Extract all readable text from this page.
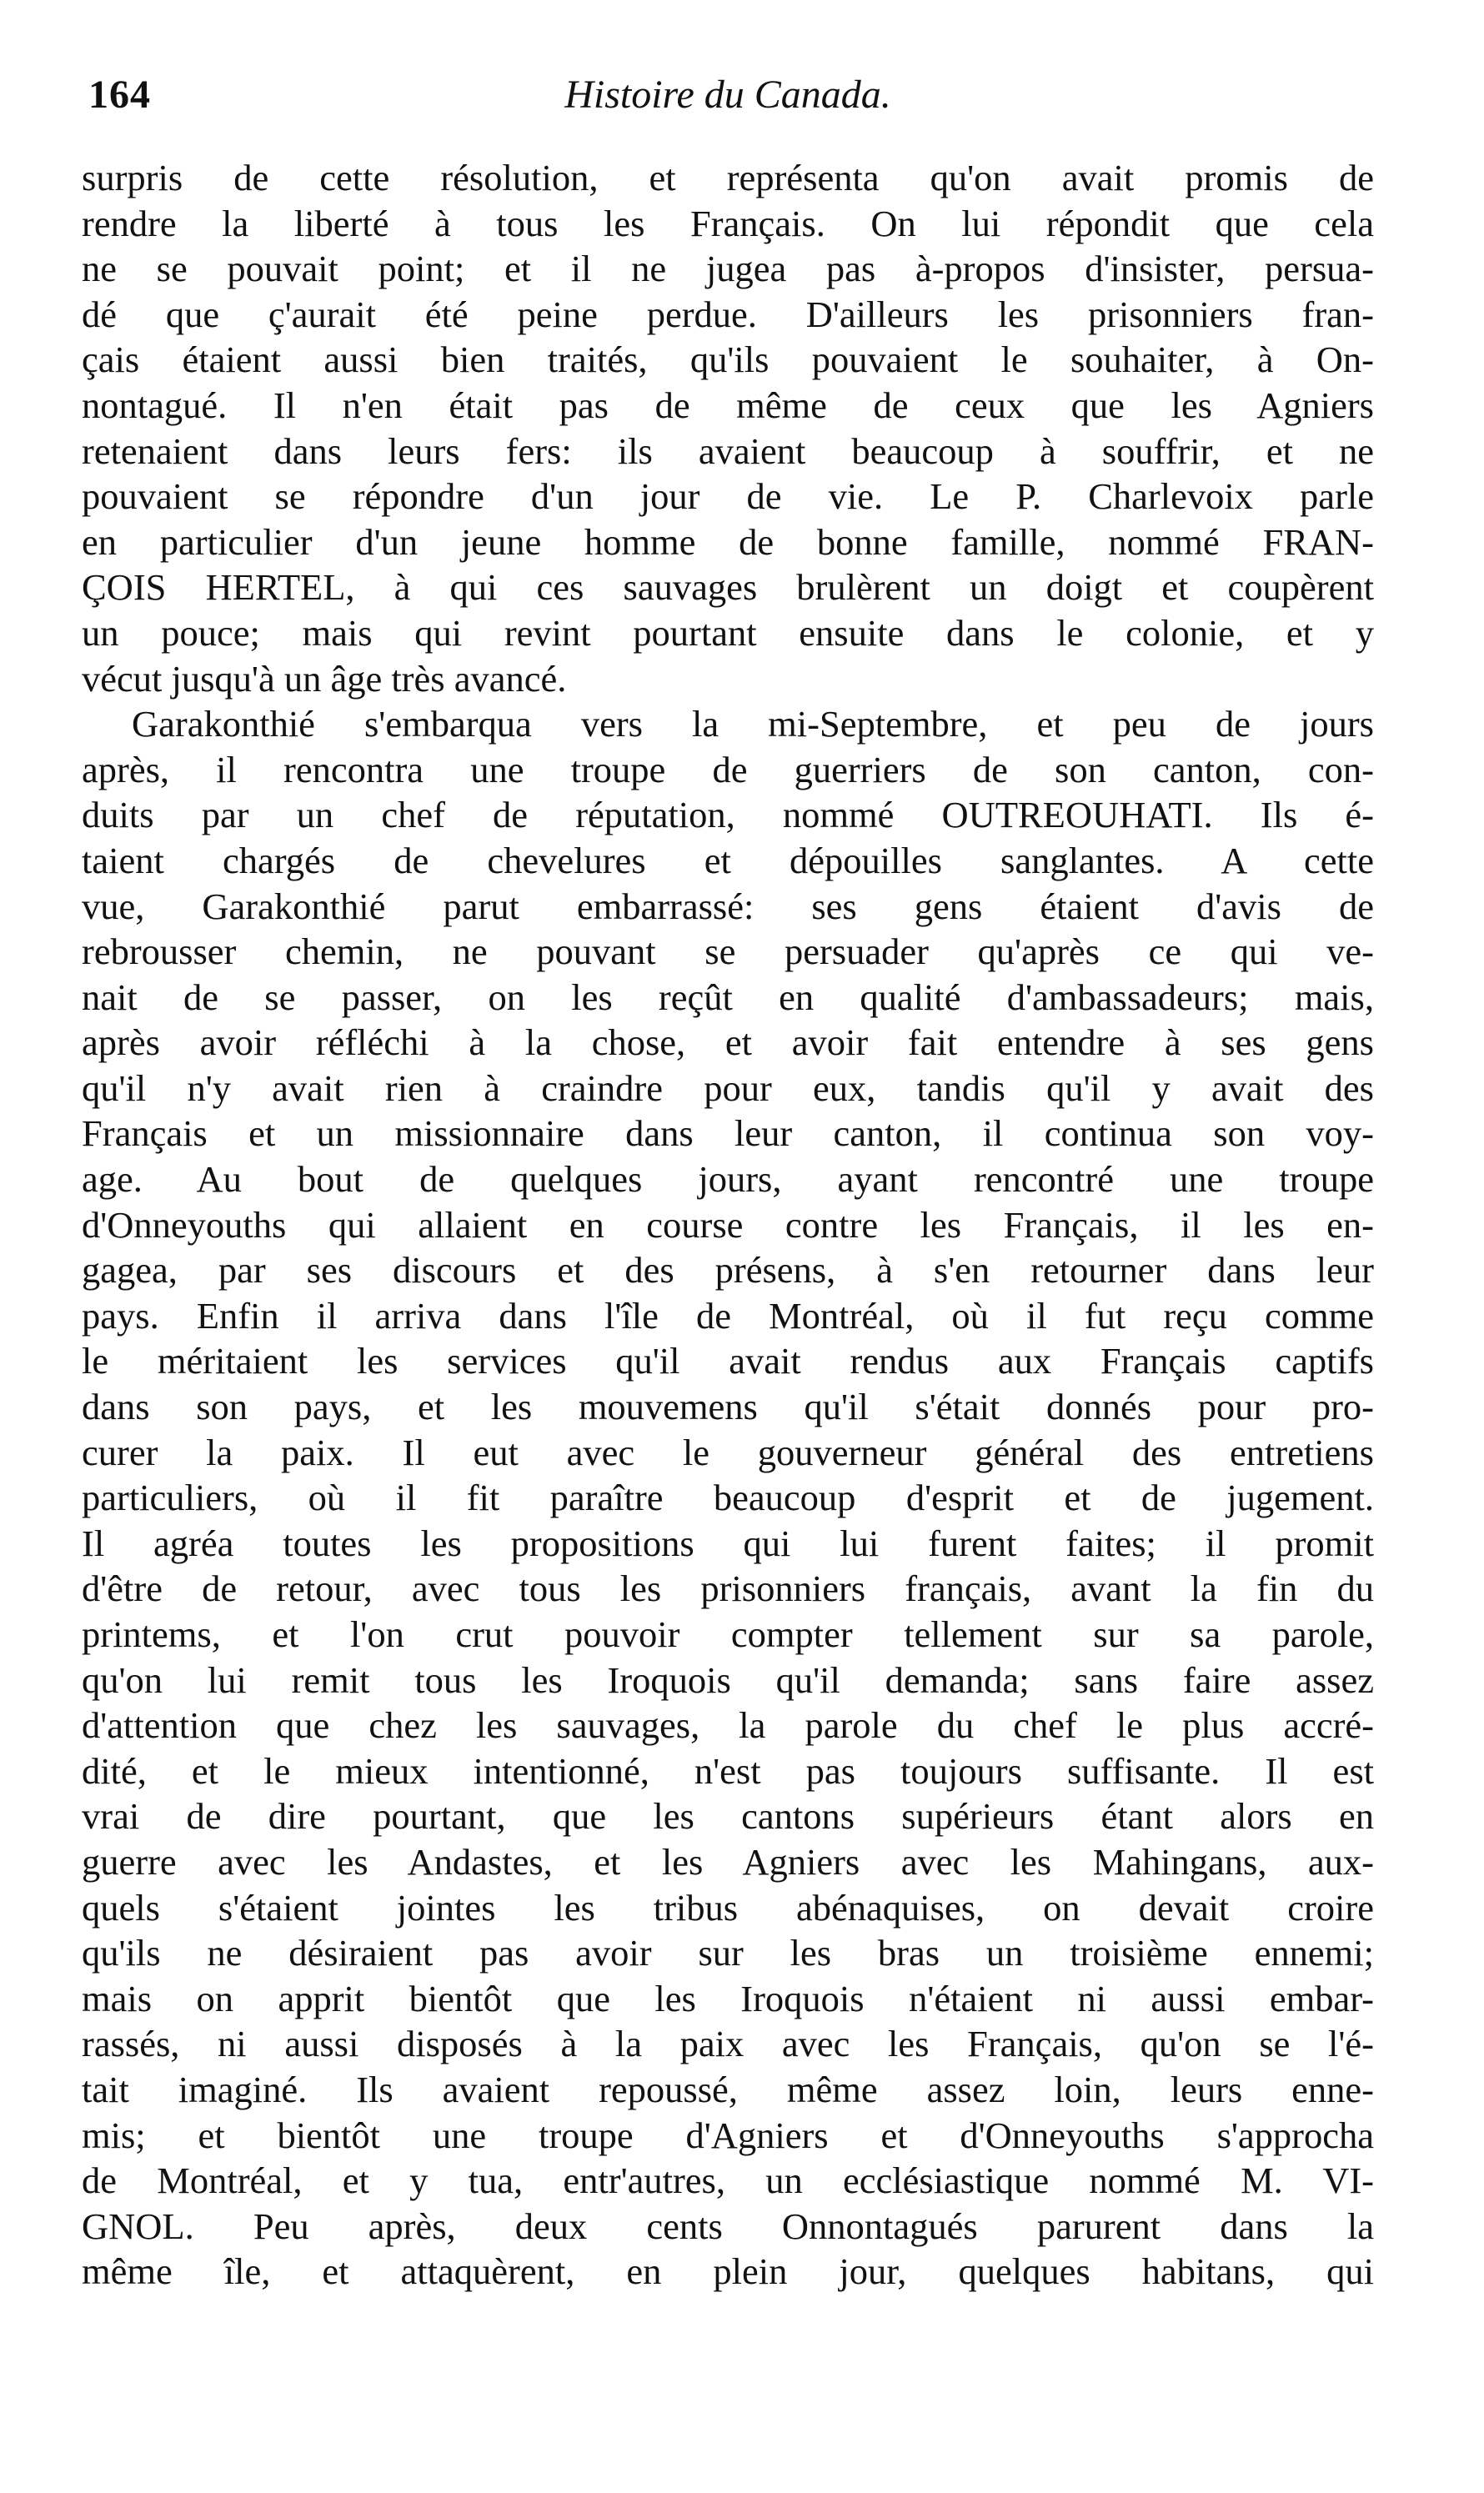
164	Histoire du Canada.
surpris de cette résolution, et représenta qu'on avait promis de
rendre la liberté à tous les Français. On lui répondit que cela
ne se pouvait point; et il ne jugea pas à-propos d'insister, persua-
dé que ç'aurait été peine perdue. D'ailleurs les prisonniers fran-
çais étaient aussi bien traités, qu'ils pouvaient le souhaiter, à On-
nontagué. Il n'en était pas de même de ceux que les Agniers
retenaient dans leurs fers: ils avaient beaucoup à souffrir, et ne
pouvaient se répondre d'un jour de vie. Le P. Charlevoix parle
en particulier d'un jeune homme de bonne famille, nommé FRAN-
ÇOIS HERTEL, à qui ces sauvages brulèrent un doigt et coupèrent
un pouce; mais qui revint pourtant ensuite dans le colonie, et y
vécut jusqu'à un âge très avancé.
Garakonthié s'embarqua vers la mi-Septembre, et peu de jours
après, il rencontra une troupe de guerriers de son canton, con-
duits par un chef de réputation, nommé OUTREOUHATI. Ils é-
taient chargés de chevelures et dépouilles sanglantes. A cette
vue, Garakonthié parut embarrassé: ses gens étaient d'avis de
rebrousser chemin, ne pouvant se persuader qu'après ce qui ve-
nait de se passer, on les reçût en qualité d'ambassadeurs; mais,
après avoir réfléchi à la chose, et avoir fait entendre à ses gens
qu'il n'y avait rien à craindre pour eux, tandis qu'il y avait des
Français et un missionnaire dans leur canton, il continua son voy-
age. Au bout de quelques jours, ayant rencontré une troupe
d'Onneyouths qui allaient en course contre les Français, il les en-
gagea, par ses discours et des présens, à s'en retourner dans leur
pays. Enfin il arriva dans l'île de Montréal, où il fut reçu comme
le méritaient les services qu'il avait rendus aux Français captifs
dans son pays, et les mouvemens qu'il s'était donnés pour pro-
curer la paix. Il eut avec le gouverneur général des entretiens
particuliers, où il fit paraître beaucoup d'esprit et de jugement.
Il agréa toutes les propositions qui lui furent faites; il promit
d'être de retour, avec tous les prisonniers français, avant la fin du
printems, et l'on crut pouvoir compter tellement sur sa parole,
qu'on lui remit tous les Iroquois qu'il demanda; sans faire assez
d'attention que chez les sauvages, la parole du chef le plus accré-
dité, et le mieux intentionné, n'est pas toujours suffisante. Il est
vrai de dire pourtant, que les cantons supérieurs étant alors en
guerre avec les Andastes, et les Agniers avec les Mahingans, aux-
quels s'étaient jointes les tribus abénaquises, on devait croire
qu'ils ne désiraient pas avoir sur les bras un troisième ennemi;
mais on apprit bientôt que les Iroquois n'étaient ni aussi embar-
rassés, ni aussi disposés à la paix avec les Français, qu'on se l'é-
tait imaginé. Ils avaient repoussé, même assez loin, leurs enne-
mis; et bientôt une troupe d'Agniers et d'Onneyouths s'approcha
de Montréal, et y tua, entr'autres, un ecclésiastique nommé M. VI-
GNOL. Peu après, deux cents Onnontagués parurent dans la
même île, et attaquèrent, en plein jour, quelques habitans, qui
